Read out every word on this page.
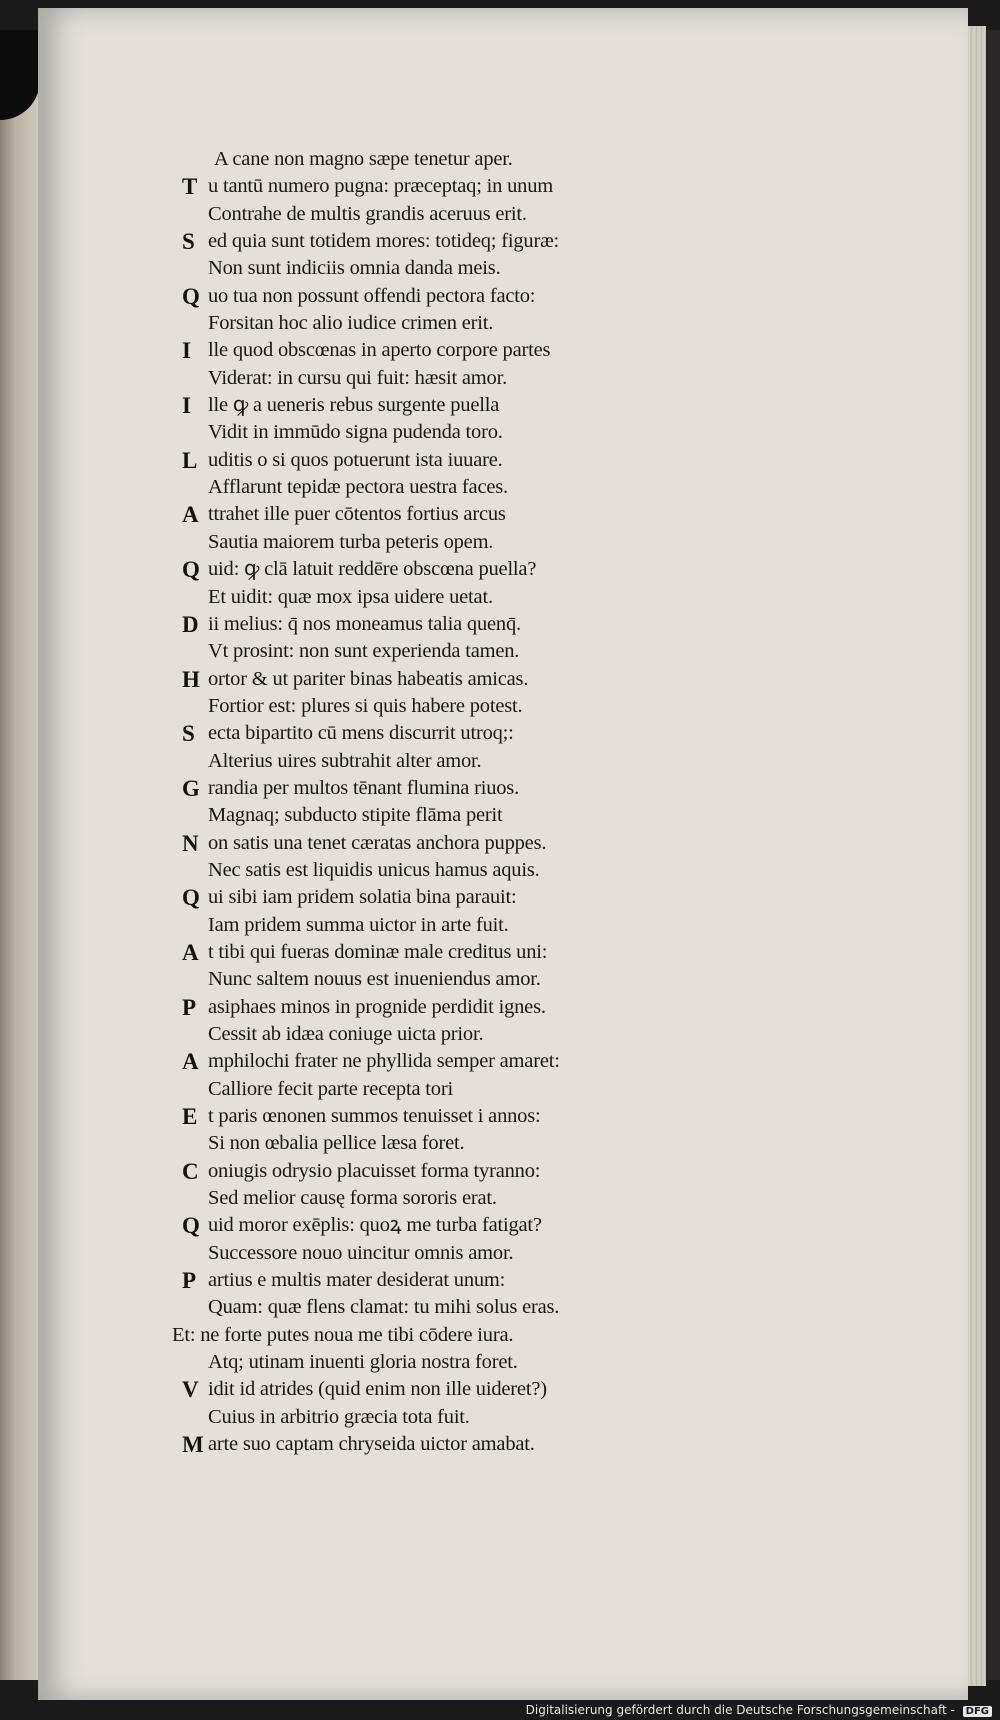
A cane non magno sæpe tenetur aper.
T u tantū numero pugna: præceptaq; in unum
Contrahe de multis grandis aceruus erit.
S ed quia sunt totidem mores: totideq; figuræ:
Non sunt indiciis omnia danda meis.
Q uo tua non possunt offendi pectora facto:
Forsitan hoc alio iudice crimen erit.
I lle quod obscœnas in aperto corpore partes
Viderat: in cursu qui fuit: hæsit amor.
I lle ꝙ a ueneris rebus surgente puella
Vidit in immūdo signa pudenda toro.
L uditis o si quos potuerunt ista iuuare.
Afflarunt tepidæ pectora uestra faces.
A ttrahet ille puer cōtentos fortius arcus
Sautia maiorem turba peteris opem.
Q uid: ꝙ clā latuit reddēre obscœna puella?
Et uidit: quæ mox ipsa uidere uetat.
D ii melius: q̄ nos moneamus talia quenq̄.
Vt prosint: non sunt experienda tamen.
H ortor & ut pariter binas habeatis amicas.
Fortior est: plures si quis habere potest.
S ecta bipartito cū mens discurrit utroq;:
Alterius uires subtrahit alter amor.
G randia per multos tēnant flumina riuos.
Magnaq; subducto stipite flāma perit
N on satis una tenet cæratas anchora puppes.
Nec satis est liquidis unicus hamus aquis.
Q ui sibi iam pridem solatia bina parauit:
Iam pridem summa uictor in arte fuit.
A t tibi qui fueras dominæ male creditus uni:
Nunc saltem nouus est inueniendus amor.
P asiphaes minos in prognide perdidit ignes.
Cessit ab idæa coniuge uicta prior.
A mphilochi frater ne phyllida semper amaret:
Calliore fecit parte recepta tori
E t paris œnonen summos tenuisset i annos:
Si non œbalia pellice læsa foret.
C oniugis odrysio placuisset forma tyranno:
Sed melior causę forma sororis erat.
Q uid moror exēplis: quoꝝ me turba fatigat?
Successore nouo uincitur omnis amor.
P artius e multis mater desiderat unum:
Quam: quæ flens clamat: tu mihi solus eras.
Et: ne forte putes noua me tibi cōdere iura.
Atq; utinam inuenti gloria nostra foret.
V idit id atrides (quid enim non ille uideret?)
Cuius in arbitrio græcia tota fuit.
M arte suo captam chryseida uictor amabat.
Digitalisierung gefördert durch die Deutsche Forschungsgemeinschaft - DFG
